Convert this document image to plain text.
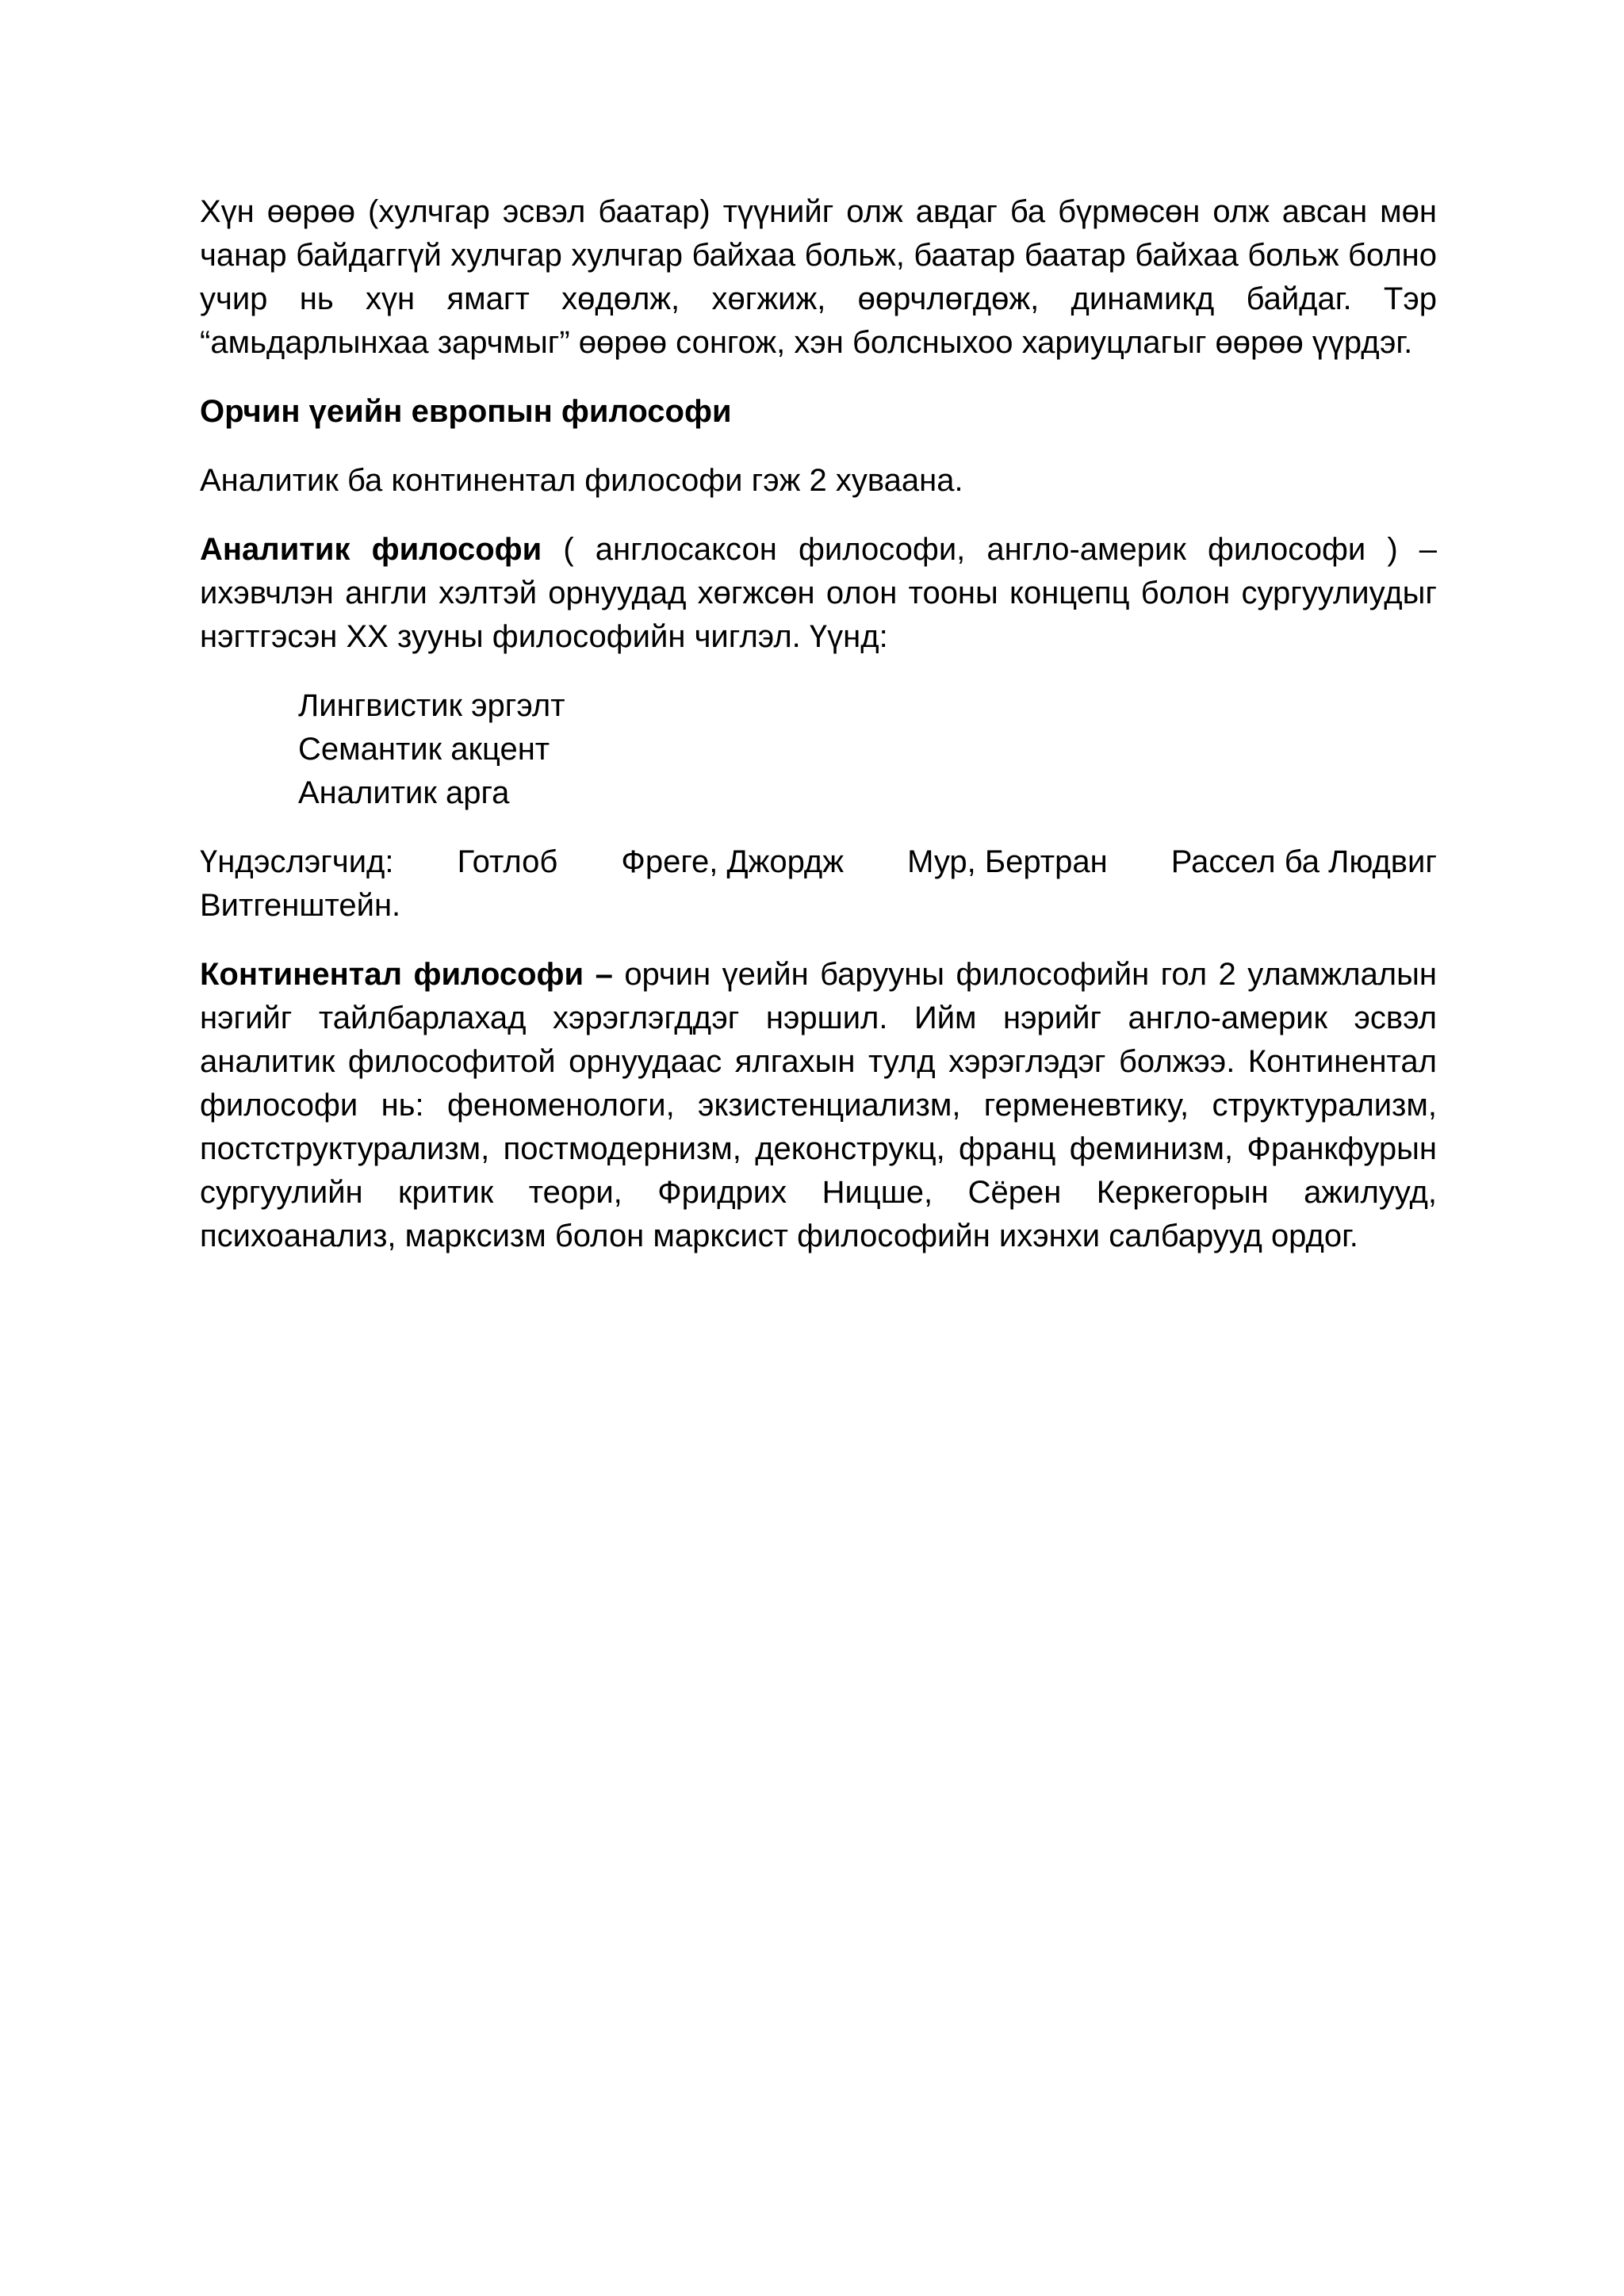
Хүн өөрөө (хулчгар эсвэл баатар) түүнийг олж авдаг ба бүрмөсөн олж авсан мөн чанар байдаггүй хулчгар хулчгар байхаа больж, баатар баатар байхаа больж болно учир нь хүн ямагт хөдөлж, хөгжиж, өөрчлөгдөж, динамикд байдаг. Тэр “амьдарлынхаа зарчмыг” өөрөө сонгож, хэн болсныхоо хариуцлагыг өөрөө үүрдэг.

Орчин үеийн европын философи

Аналитик ба континентал философи гэж 2 хуваана.

Аналитик философи ( англосаксон философи, англо-америк философи ) – ихэвчлэн англи хэлтэй орнуудад хөгжсөн олон тооны концепц болон сургуулиудыг нэгтгэсэн XX зууны философийн чиглэл. Үүнд:

Лингвистик эргэлт
Семантик акцент
Аналитик арга
Үндэслэгчид: Готлоб Фреге, Джордж Мур, Бертран Рассел ба Людвиг
Витгенштейн.

Континентал философи – орчин үеийн барууны философийн гол 2 уламжлалын нэгийг тайлбарлахад хэрэглэгддэг нэршил. Ийм нэрийг англо-америк эсвэл аналитик философитой орнуудаас ялгахын тулд хэрэглэдэг болжээ. Континентал философи нь: феноменологи, экзистенциализм, герменевтику, структурализм, постструктурализм, постмодернизм, деконструкц, франц феминизм, Франкфурын сургуулийн критик теори, Фридрих Ницше, Сёрен Керкегорын ажилууд, психоанализ, марксизм болон марксист философийн ихэнхи салбарууд ордог.
